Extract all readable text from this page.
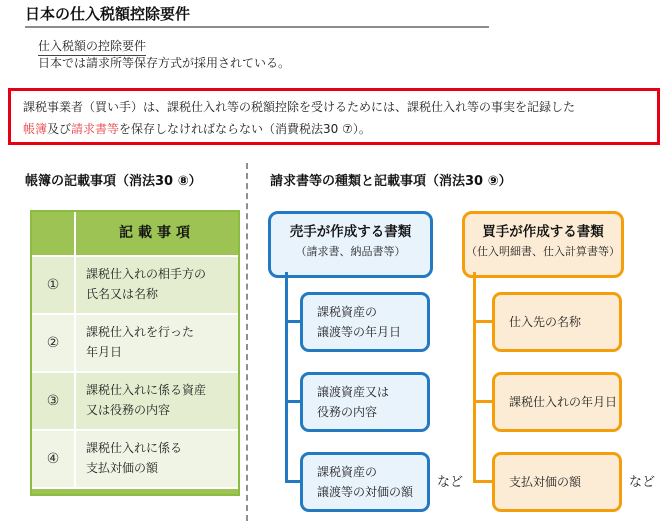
日本の仕入税額控除要件
仕入税額の控除要件
日本では請求所等保存方式が採用されている。
課税事業者（買い手）は、課税仕入れ等の税額控除を受けるためには、課税仕入れ等の事実を記録した
帳簿及び請求書等を保存しなければならない（消費税法30 ⑦）。
帳簿の記載事項（消法30 ⑧）	請求書等の種類と記載事項（消法30 ⑨）
記載事項
①
課税仕入れの相手方の
氏名又は名称
②
課税仕入れを行った
年月日
③
課税仕入れに係る資産
又は役務の内容
④
課税仕入れに係る
支払対価の額
売手が作成する書類
（請求書、納品書等）
課税資産の
譲渡等の年月日
譲渡資産又は
役務の内容
課税資産の
譲渡等の対価の額
など
買手が作成する書類
（仕入明細書、仕入計算書等）
仕入先の名称
課税仕入れの年月日
支払対価の額	など
